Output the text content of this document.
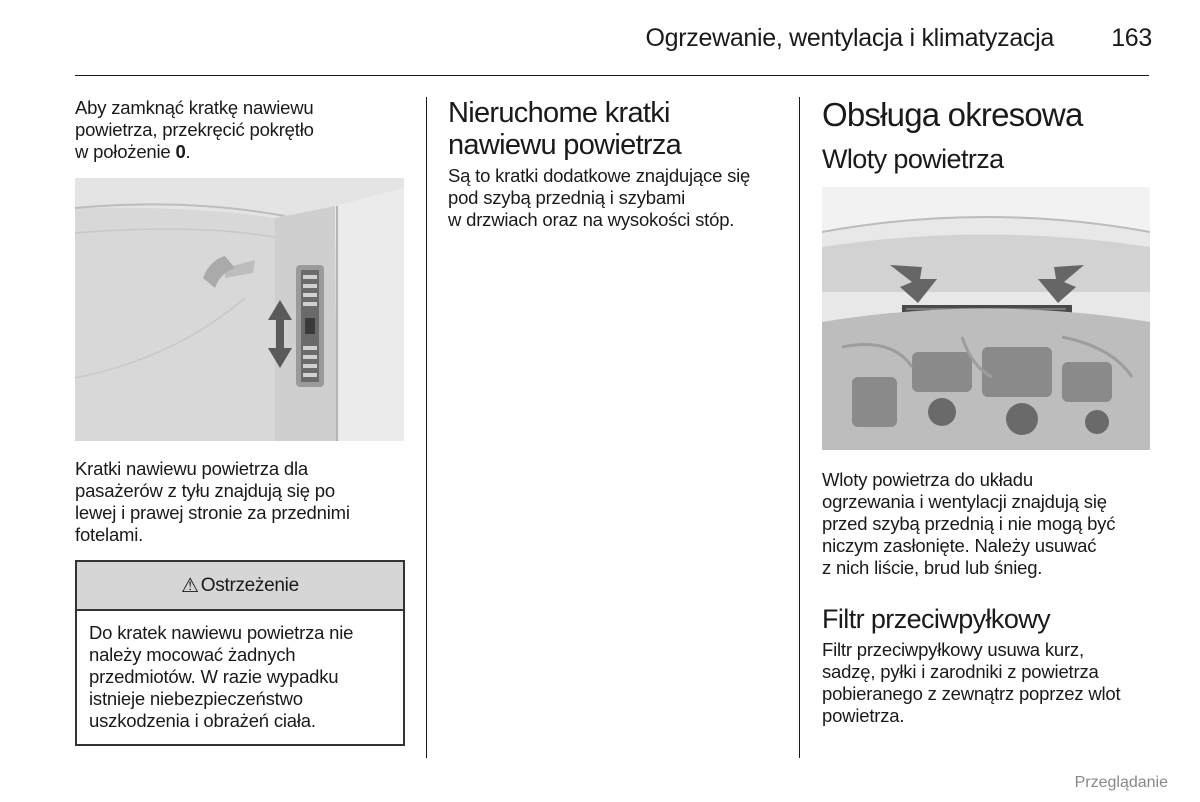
Ogrzewanie, wentylacja i klimatyzacja 163

Aby zamknąć kratkę nawiewu
powietrza, przekręcić pokrętło
w położenie 0.

Kratki nawiewu powietrza dla
pasażerów z tyłu znajdują się po
lewej i prawej stronie za przednimi
fotelami.

⚠ Ostrzeżenie
Do kratek nawiewu powietrza nie
należy mocować żadnych
przedmiotów. W razie wypadku
istnieje niebezpieczeństwo
uszkodzenia i obrażeń ciała.
Nieruchome kratki
nawiewu powietrza

Są to kratki dodatkowe znajdujące się
pod szybą przednią i szybami
w drzwiach oraz na wysokości stóp.

Obsługa okresowa
Wloty powietrza

Wloty powietrza do układu
ogrzewania i wentylacji znajdują się
przed szybą przednią i nie mogą być
niczym zasłonięte. Należy usuwać
z nich liście, brud lub śnieg.

Filtr przeciwpyłkowy

Filtr przeciwpyłkowy usuwa kurz,
sadzę, pyłki i zarodniki z powietrza
pobieranego z zewnątrz poprzez wlot
powietrza.

Przeglądanie
